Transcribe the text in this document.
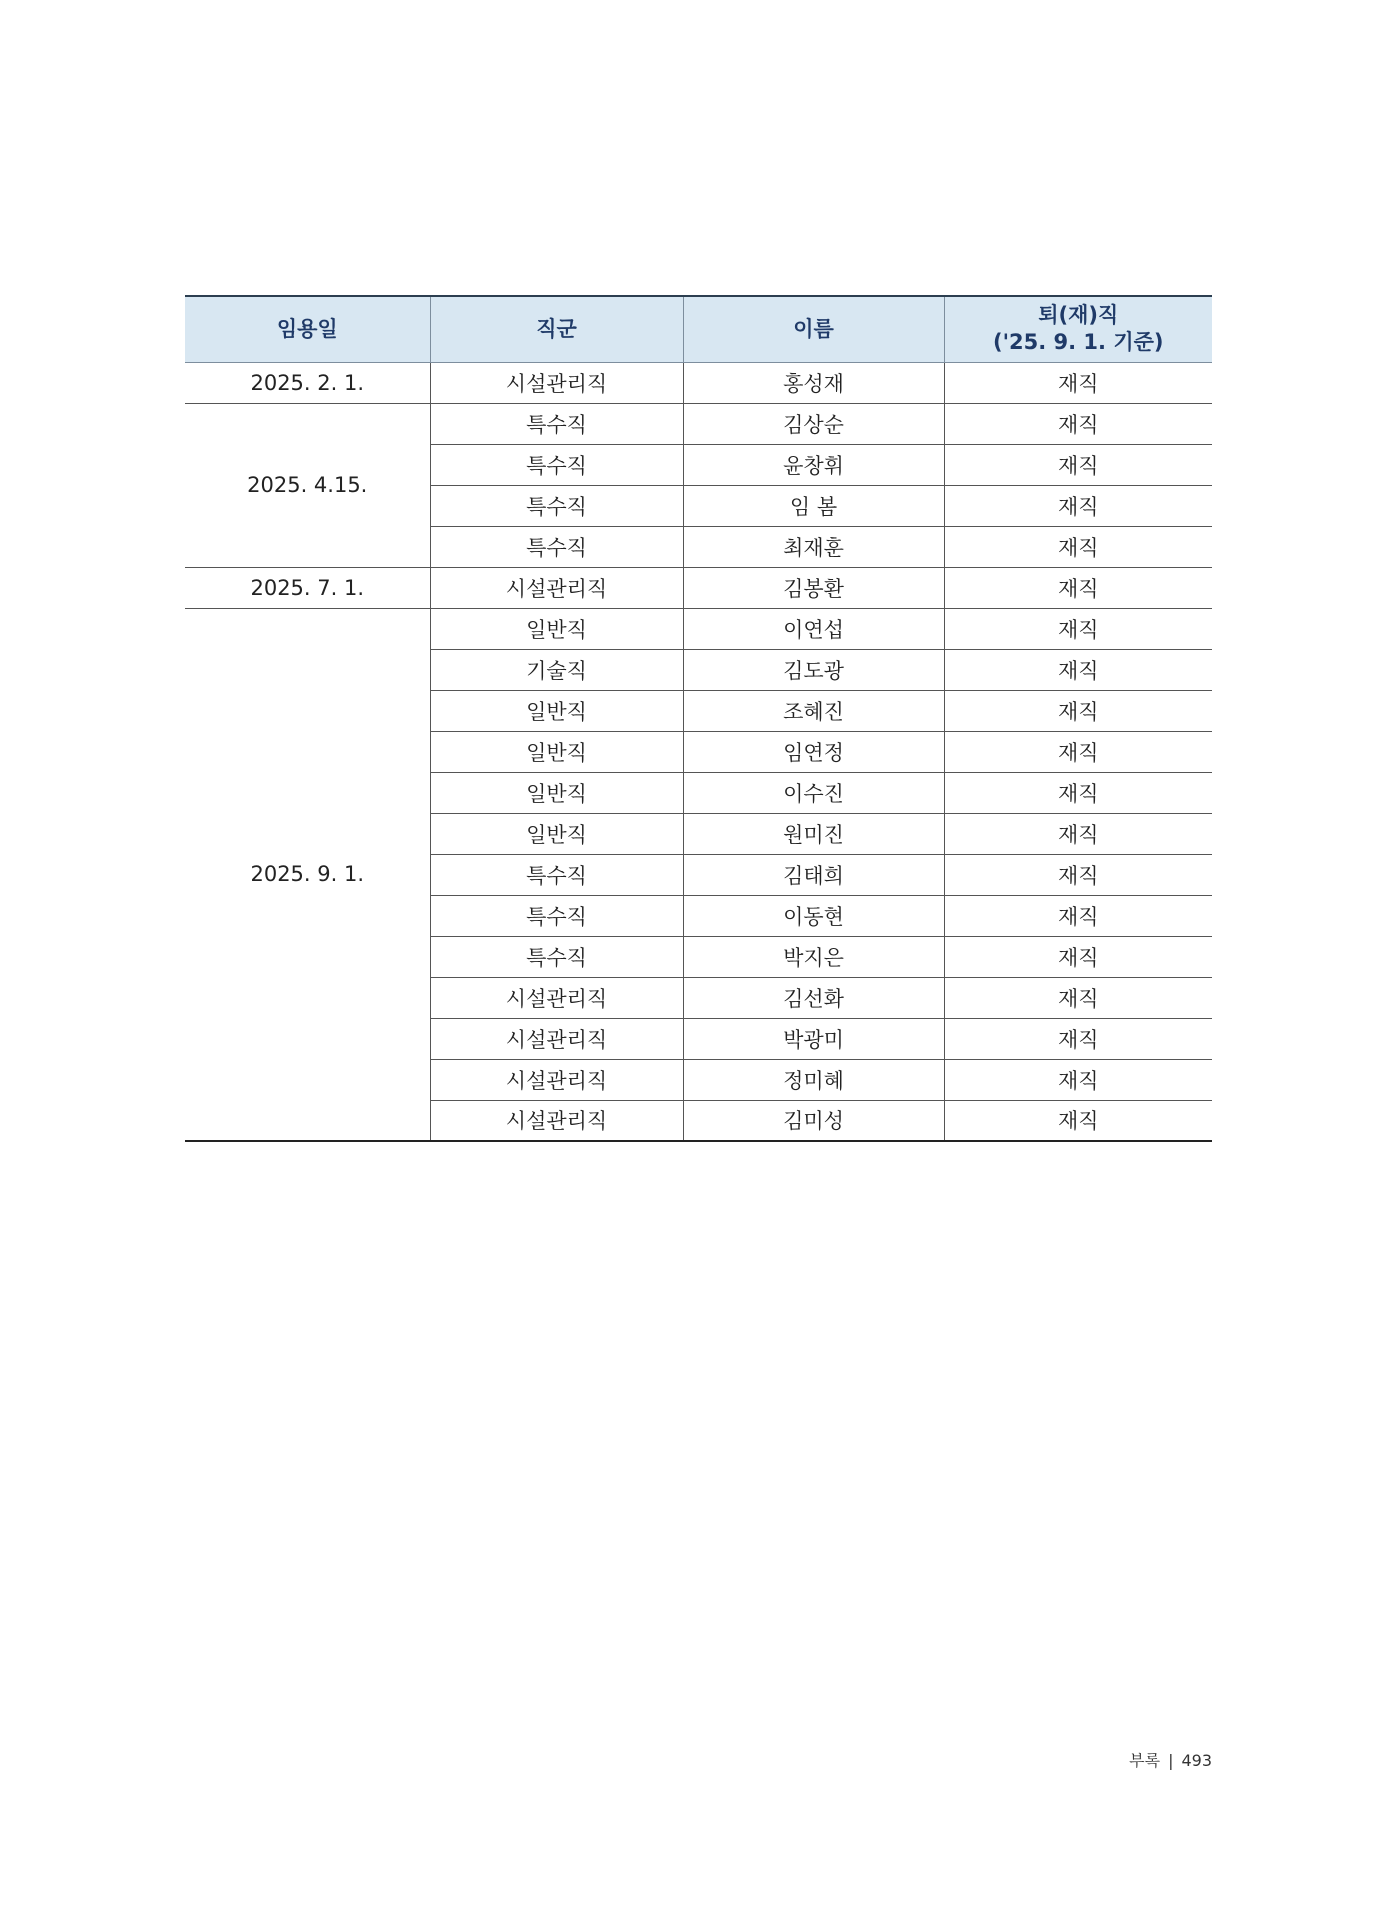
임용일	직군	이름	퇴(재)직
('25. 9. 1. 기준)

2025. 2. 1.	시설관리직	홍성재	재직
2025. 4.15.	특수직	김상순	재직
	특수직	윤창휘	재직
	특수직	임 봄	재직
	특수직	최재훈	재직
2025. 7. 1.	시설관리직	김봉환	재직
2025. 9. 1.	일반직	이연섭	재직
	기술직	김도광	재직
	일반직	조혜진	재직
	일반직	임연정	재직
	일반직	이수진	재직
	일반직	원미진	재직
	특수직	김태희	재직
	특수직	이동현	재직
	특수직	박지은	재직
	시설관리직	김선화	재직
	시설관리직	박광미	재직
	시설관리직	정미혜	재직
	시설관리직	김미성	재직
부록 | 493
